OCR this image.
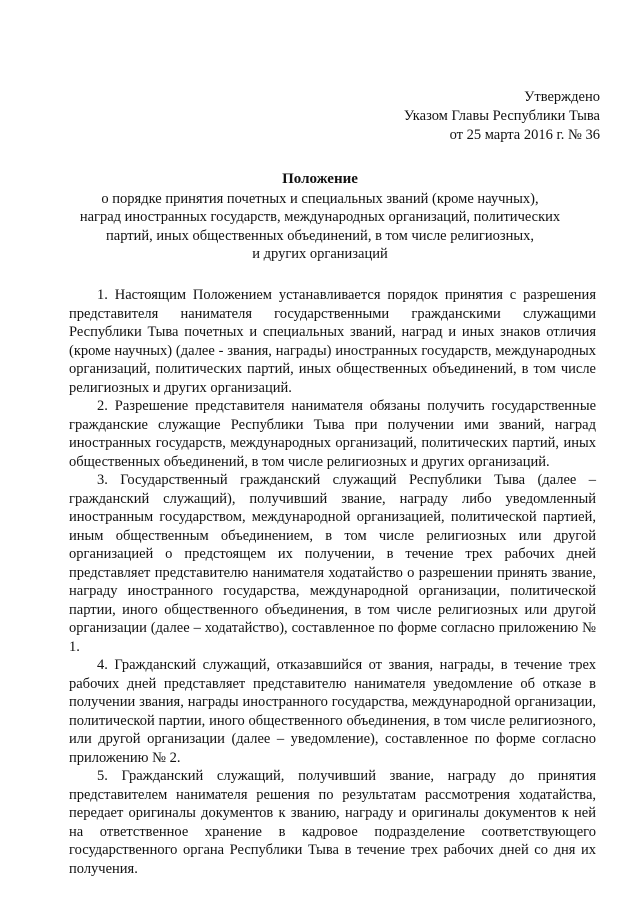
Утверждено
Указом Главы Республики Тыва
от 25 марта 2016 г. № 36
Положение
о порядке принятия почетных и специальных званий (кроме научных),
наград иностранных государств, международных организаций, политических
партий, иных общественных объединений, в том числе религиозных,
и других организаций

1. Настоящим Положением устанавливается порядок принятия с разрешения представителя нанимателя государственными гражданскими служащими Республики Тыва почетных и специальных званий, наград и иных знаков отличия (кроме научных) (далее - звания, награды) иностранных государств, международных организаций, политических партий, иных общественных объединений, в том числе религиозных и других организаций.

2. Разрешение представителя нанимателя обязаны получить государственные гражданские служащие Республики Тыва при получении ими званий, наград иностранных государств, международных организаций, политических партий, иных общественных объединений, в том числе религиозных и других организаций.

3. Государственный гражданский служащий Республики Тыва (далее – гражданский служащий), получивший звание, награду либо уведомленный иностранным государством, международной организацией, политической партией, иным общественным объединением, в том числе религиозных или другой организацией о предстоящем их получении, в течение трех рабочих дней представляет представителю нанимателя ходатайство о разрешении принять звание, награду иностранного государства, международной организации, политической партии, иного общественного объединения, в том числе религиозных или другой организации (далее – ходатайство), составленное по форме согласно приложению № 1.

4. Гражданский служащий, отказавшийся от звания, награды, в течение трех рабочих дней представляет представителю нанимателя уведомление об отказе в получении звания, награды иностранного государства, международной организации, политической партии, иного общественного объединения, в том числе религиозного, или другой организации (далее – уведомление), составленное по форме согласно приложению № 2.

5. Гражданский служащий, получивший звание, награду до принятия представителем нанимателя решения по результатам рассмотрения ходатайства, передает оригиналы документов к званию, награду и оригиналы документов к ней на ответственное хранение в кадровое подразделение соответствующего государственного органа Республики Тыва в течение трех рабочих дней со дня их получения.
